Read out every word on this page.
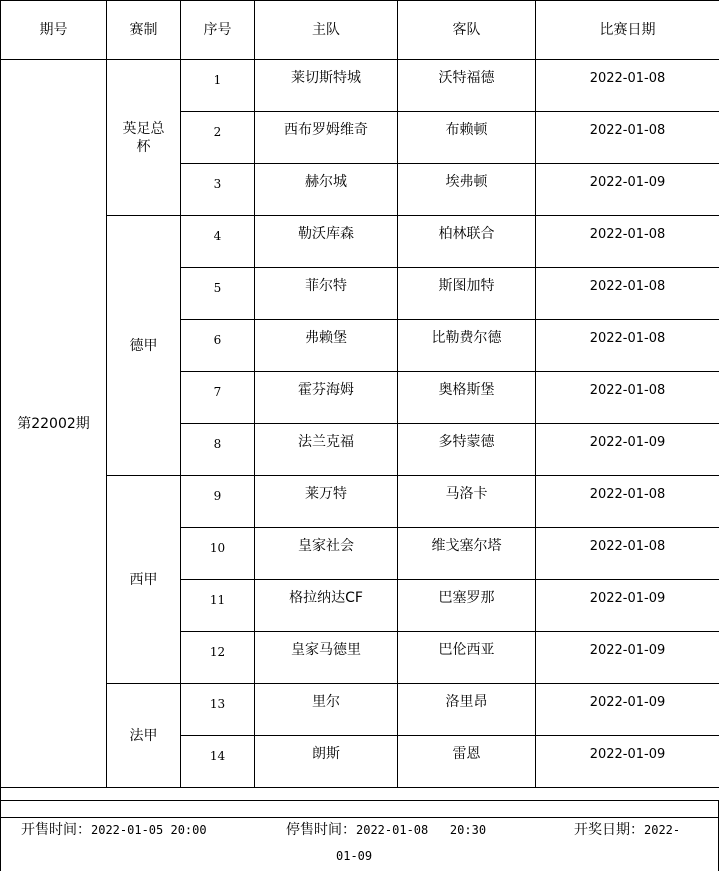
期号	赛制	序号	主队	客队	比赛日期
第22002期	英足总杯	1	莱切斯特城	沃特福德	2022-01-08
		2	西布罗姆维奇	布赖顿	2022-01-08
		3	赫尔城	埃弗顿	2022-01-09
	德甲	4	勒沃库森	柏林联合	2022-01-08
		5	菲尔特	斯图加特	2022-01-08
		6	弗赖堡	比勒费尔德	2022-01-08
		7	霍芬海姆	奥格斯堡	2022-01-08
		8	法兰克福	多特蒙德	2022-01-09
	西甲	9	莱万特	马洛卡	2022-01-08
		10	皇家社会	维戈塞尔塔	2022-01-08
		11	格拉纳达CF	巴塞罗那	2022-01-09
		12	皇家马德里	巴伦西亚	2022-01-09
	法甲	13	里尔	洛里昂	2022-01-09
		14	朗斯	雷恩	2022-01-09

开售时间：2022-01-05 20:00	停售时间：2022-01-08   20:30	开奖日期：2022-
01-09
